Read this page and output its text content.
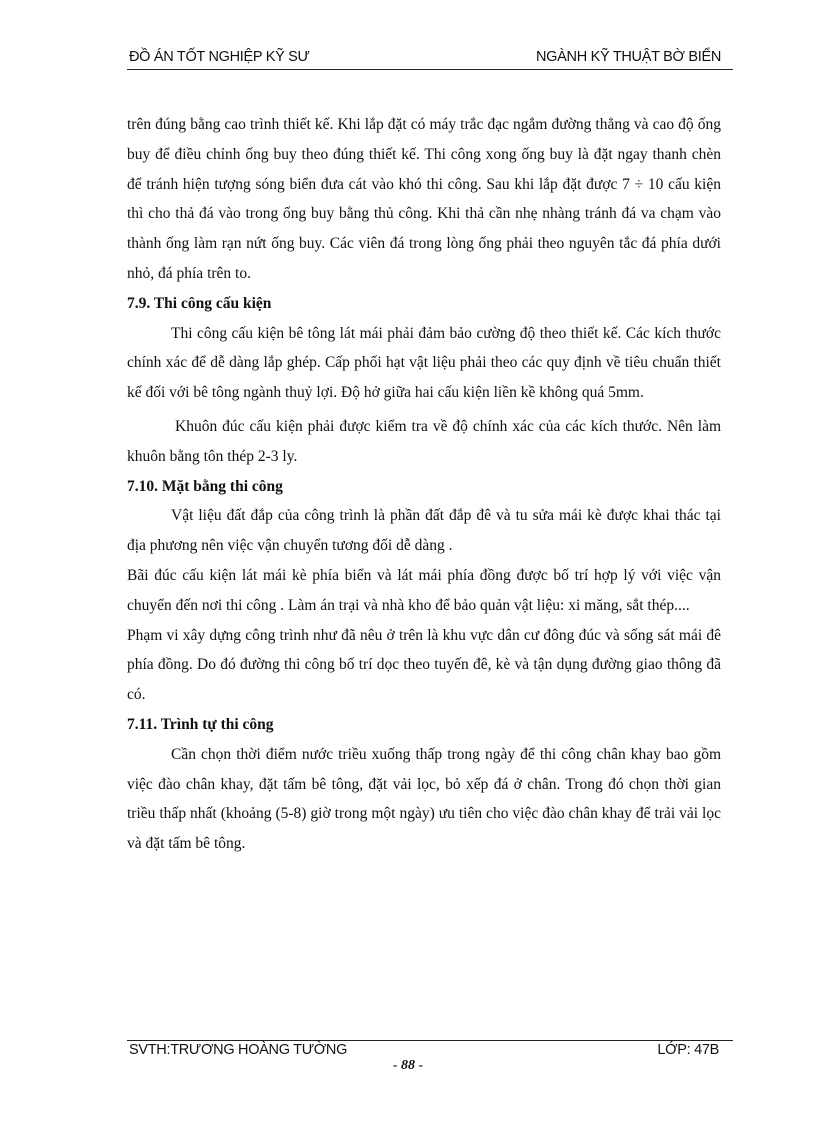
ĐỒ ÁN TỐT NGHIỆP KỸ SƯ	NGÀNH KỸ THUẬT BỜ BIỂN

trên đúng bằng cao trình thiết kế. Khi lắp đặt có máy trắc đạc ngắm đường thẳng và cao độ ống buy để điều chỉnh ống buy theo đúng thiết kế. Thi công xong ống buy là đặt ngay thanh chèn để tránh hiện tượng sóng biển đưa cát vào khó thi công. Sau khi lắp đặt được 7 ÷ 10 cấu kiện thì cho thả đá vào trong ống buy bằng thủ công. Khi thả cần nhẹ nhàng tránh đá va chạm vào thành ống làm rạn nứt ống buy. Các viên đá trong lòng ống phải theo nguyên tắc đá phía dưới nhỏ, đá phía trên to.

7.9. Thi công cấu kiện

Thi công cấu kiện bê tông lát mái phải đảm bảo cường độ theo thiết kế. Các kích thước chính xác để dễ dàng lắp ghép. Cấp phối hạt vật liệu phải theo các quy định về tiêu chuẩn thiết kế đối với bê tông ngành thuỷ lợi. Độ hở giữa hai cấu kiện liền kề không quá 5mm.

Khuôn đúc cấu kiện phải được kiểm tra về độ chính xác của các kích thước. Nên làm khuôn bằng tôn thép 2-3 ly.

7.10. Mặt bằng thi công

Vật liệu đất đắp của công trình là phần đất đắp đê và tu sửa mái kè được khai thác tại địa phương nên việc vận chuyển tương đối dễ dàng .

Bãi đúc cấu kiện lát mái kè phía biển và lát mái phía đồng được bố trí hợp lý với việc vận chuyển đến nơi thi công . Làm án trại và nhà kho để bảo quản vật liệu: xi măng, sắt thép....

Phạm vi xây dựng công trình như đã nêu ở trên là khu vực dân cư đông đúc và sống sát mái đê phía đồng. Do đó đường thi công bố trí dọc theo tuyến đê, kè và tận dụng đường giao thông đã có.

7.11. Trình tự thi công

Cần chọn thời điểm nước triều xuống thấp trong ngày để thi công chân khay bao gồm việc đào chân khay, đặt tấm bê tông, đặt vải lọc, bỏ xếp đá ở chân. Trong đó chọn thời gian triều thấp nhất (khoảng (5-8) giờ trong một ngày) ưu tiên cho việc đào chân khay để trải vải lọc và đặt tấm bê tông.

SVTH:TRƯƠNG HOÀNG TƯỜNG	LỚP: 47B
- 88 -
